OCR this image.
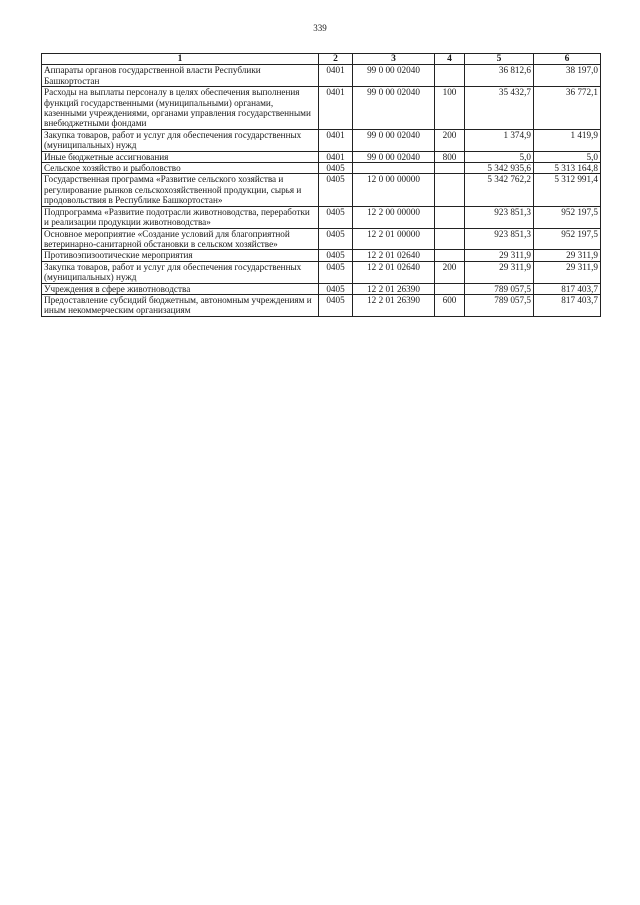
339
1	2	3	4	5	6
Аппараты органов государственной власти Республики Башкортостан	0401	99 0 00 02040		36 812,6	38 197,0
Расходы на выплаты персоналу в целях обеспечения выполнения функций государственными (муниципальными) органами, казенными учреждениями, органами управления государственными внебюджетными фондами	0401	99 0 00 02040	100	35 432,7	36 772,1
Закупка товаров, работ и услуг для обеспечения государственных (муниципальных) нужд	0401	99 0 00 02040	200	1 374,9	1 419,9
Иные бюджетные ассигнования	0401	99 0 00 02040	800	5,0	5,0
Сельское хозяйство и рыболовство	0405			5 342 935,6	5 313 164,8
Государственная программа «Развитие сельского хозяйства и регулирование рынков сельскохозяйственной продукции, сырья и продовольствия в Республике Башкортостан»	0405	12 0 00 00000		5 342 762,2	5 312 991,4
Подпрограмма «Развитие подотрасли животноводства, переработки и реализации продукции животноводства»	0405	12 2 00 00000		923 851,3	952 197,5
Основное мероприятие «Создание условий для благоприятной ветеринарно-санитарной обстановки в сельском хозяйстве»	0405	12 2 01 00000		923 851,3	952 197,5
Противоэпизоотические мероприятия	0405	12 2 01 02640		29 311,9	29 311,9
Закупка товаров, работ и услуг для обеспечения государственных (муниципальных) нужд	0405	12 2 01 02640	200	29 311,9	29 311,9
Учреждения в сфере животноводства	0405	12 2 01 26390		789 057,5	817 403,7
Предоставление субсидий бюджетным, автономным учреждениям и иным некоммерческим организациям	0405	12 2 01 26390	600	789 057,5	817 403,7
